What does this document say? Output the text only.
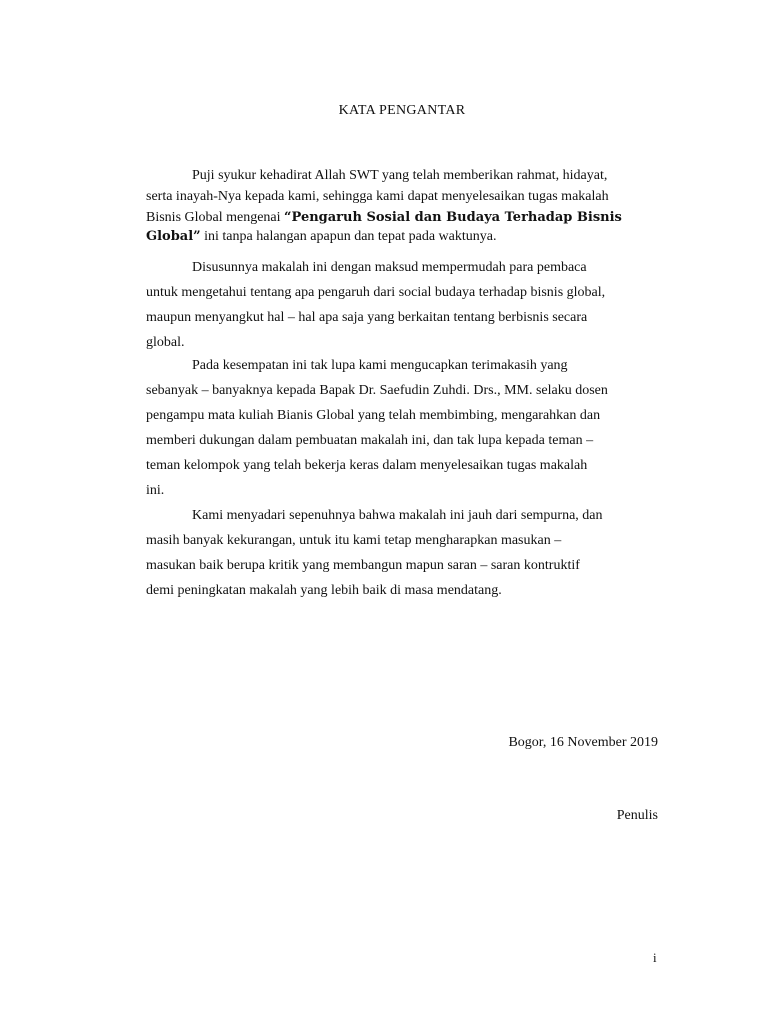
KATA PENGANTAR
Puji syukur kehadirat Allah SWT yang telah memberikan rahmat, hidayat,
serta inayah-Nya kepada kami, sehingga kami dapat menyelesaikan tugas makalah
Bisnis Global mengenai “Pengaruh Sosial dan Budaya Terhadap Bisnis
Global” ini tanpa halangan apapun dan tepat pada waktunya.
Disusunnya makalah ini dengan maksud mempermudah para pembaca
untuk mengetahui tentang apa pengaruh dari social budaya terhadap bisnis global,
maupun menyangkut hal – hal apa saja yang berkaitan tentang berbisnis secara
global.
Pada kesempatan ini tak lupa kami mengucapkan terimakasih yang
sebanyak – banyaknya kepada Bapak Dr. Saefudin Zuhdi. Drs., MM. selaku dosen
pengampu mata kuliah Bianis Global yang telah membimbing, mengarahkan dan
memberi dukungan dalam pembuatan makalah ini, dan tak lupa kepada teman –
teman kelompok yang telah bekerja keras dalam menyelesaikan tugas makalah
ini.
Kami menyadari sepenuhnya bahwa makalah ini jauh dari sempurna, dan
masih banyak kekurangan, untuk itu kami tetap mengharapkan masukan –
masukan baik berupa kritik yang membangun mapun saran – saran kontruktif
demi peningkatan makalah yang lebih baik di masa mendatang.
Bogor, 16 November 2019
Penulis
i
